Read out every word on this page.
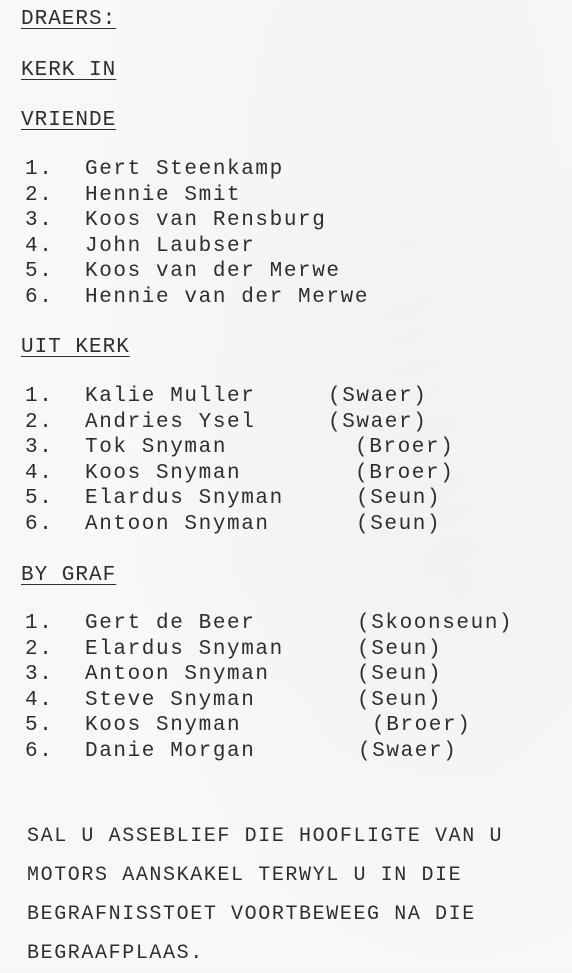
DRAERS:
KERK IN
VRIENDE
1. Gert Steenkamp
2. Hennie Smit
3. Koos van Rensburg
4. John Laubser
5. Koos van der Merwe
6. Hennie van der Merwe
UIT KERK
1. Kalie Muller	(Swaer)
2. Andries Ysel	(Swaer)
3. Tok Snyman	(Broer)
4. Koos Snyman	(Broer)
5. Elardus Snyman	(Seun)
6. Antoon Snyman	(Seun)
BY GRAF
1. Gert de Beer	(Skoonseun)
2. Elardus Snyman	(Seun)
3. Antoon Snyman	(Seun)
4. Steve Snyman	(Seun)
5. Koos Snyman	(Broer)
6. Danie Morgan	(Swaer)
SAL U ASSEBLIEF DIE HOOFLIGTE VAN U
MOTORS AANSKAKEL TERWYL U IN DIE
BEGRAFNISSTOET VOORTBEWEEG NA DIE
BEGRAAFPLAAS.
